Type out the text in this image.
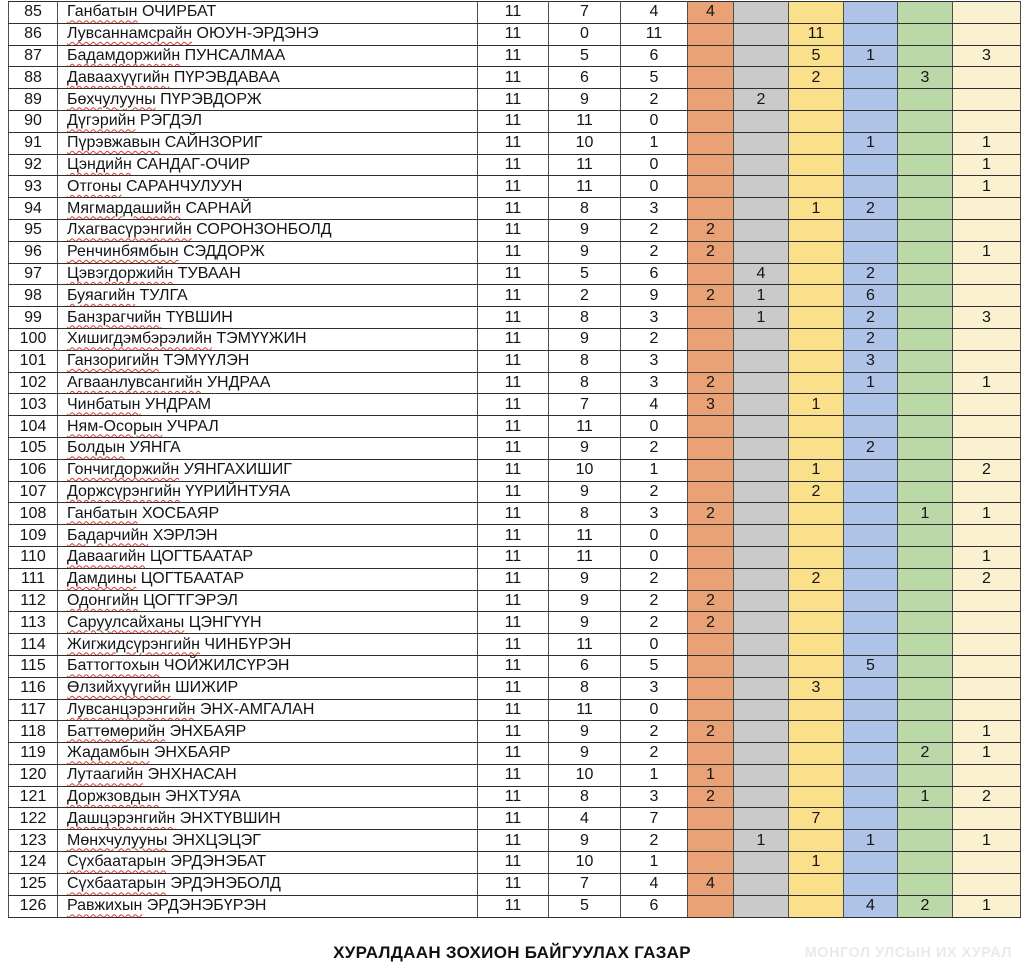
85	Ганбатын ОЧИРБАТ	11	7	4	4					
86	Лувсаннамсрайн ОЮУН-ЭРДЭНЭ	11	0	11			11			
87	Бадамдоржийн ПУНСАЛМАА	11	5	6			5	1		3
88	Даваахүүгийн ПҮРЭВДАВАА	11	6	5			2		3	
89	Бөхчулууны ПҮРЭВДОРЖ	11	9	2		2				
90	Дүгэрийн РЭГДЭЛ	11	11	0						
91	Пүрэвжавын САЙНЗОРИГ	11	10	1				1		1
92	Цэндийн САНДАГ-ОЧИР	11	11	0						1
93	Отгоны САРАНЧУЛУУН	11	11	0						1
94	Мягмардашийн САРНАЙ	11	8	3			1	2		
95	Лхагвасүрэнгийн СОРОНЗОНБОЛД	11	9	2	2					
96	Ренчинбямбын СЭДДОРЖ	11	9	2	2					1
97	Цэвэгдоржийн ТУВААН	11	5	6		4		2		
98	Буяагийн ТУЛГА	11	2	9	2	1		6		
99	Банзрагчийн ТҮВШИН	11	8	3		1		2		3
100	Хишигдэмбэрэлийн ТЭМҮҮЖИН	11	9	2				2		
101	Ганзоригийн ТЭМҮҮЛЭН	11	8	3				3		
102	Агваанлувсангийн УНДРАА	11	8	3	2			1		1
103	Чинбатын УНДРАМ	11	7	4	3		1			
104	Ням-Осорын УЧРАЛ	11	11	0						
105	Болдын УЯНГА	11	9	2				2		
106	Гончигдоржийн УЯНГАХИШИГ	11	10	1			1			2
107	Доржсүрэнгийн ҮҮРИЙНТУЯА	11	9	2			2			
108	Ганбатын ХОСБАЯР	11	8	3	2				1	1
109	Бадарчийн ХЭРЛЭН	11	11	0						
110	Даваагийн ЦОГТБААТАР	11	11	0						1
111	Дамдины ЦОГТБААТАР	11	9	2			2			2
112	Одонгийн ЦОГТГЭРЭЛ	11	9	2	2					
113	Саруулсайханы ЦЭНГҮҮН	11	9	2	2					
114	Жигжидсүрэнгийн ЧИНБҮРЭН	11	11	0						
115	Баттогтохын ЧОЙЖИЛСҮРЭН	11	6	5				5		
116	Өлзийхүүгийн ШИЖИР	11	8	3			3			
117	Лувсанцэрэнгийн ЭНХ-АМГАЛАН	11	11	0						
118	Баттөмөрийн ЭНХБАЯР	11	9	2	2					1
119	Жадамбын ЭНХБАЯР	11	9	2					2	1
120	Лутаагийн ЭНХНАСАН	11	10	1	1					
121	Доржзовдын ЭНХТУЯА	11	8	3	2				1	2
122	Дашцэрэнгийн ЭНХТҮВШИН	11	4	7			7			
123	Мөнхчулууны ЭНХЦЭЦЭГ	11	9	2		1		1		1
124	Сүхбаатарын ЭРДЭНЭБАТ	11	10	1			1			
125	Сүхбаатарын ЭРДЭНЭБОЛД	11	7	4	4					
126	Равжихын ЭРДЭНЭБҮРЭН	11	5	6				4	2	1
ХУРАЛДААН ЗОХИОН БАЙГУУЛАХ ГАЗАР	МОНГОЛ УЛСЫН ИХ ХУРАЛ
